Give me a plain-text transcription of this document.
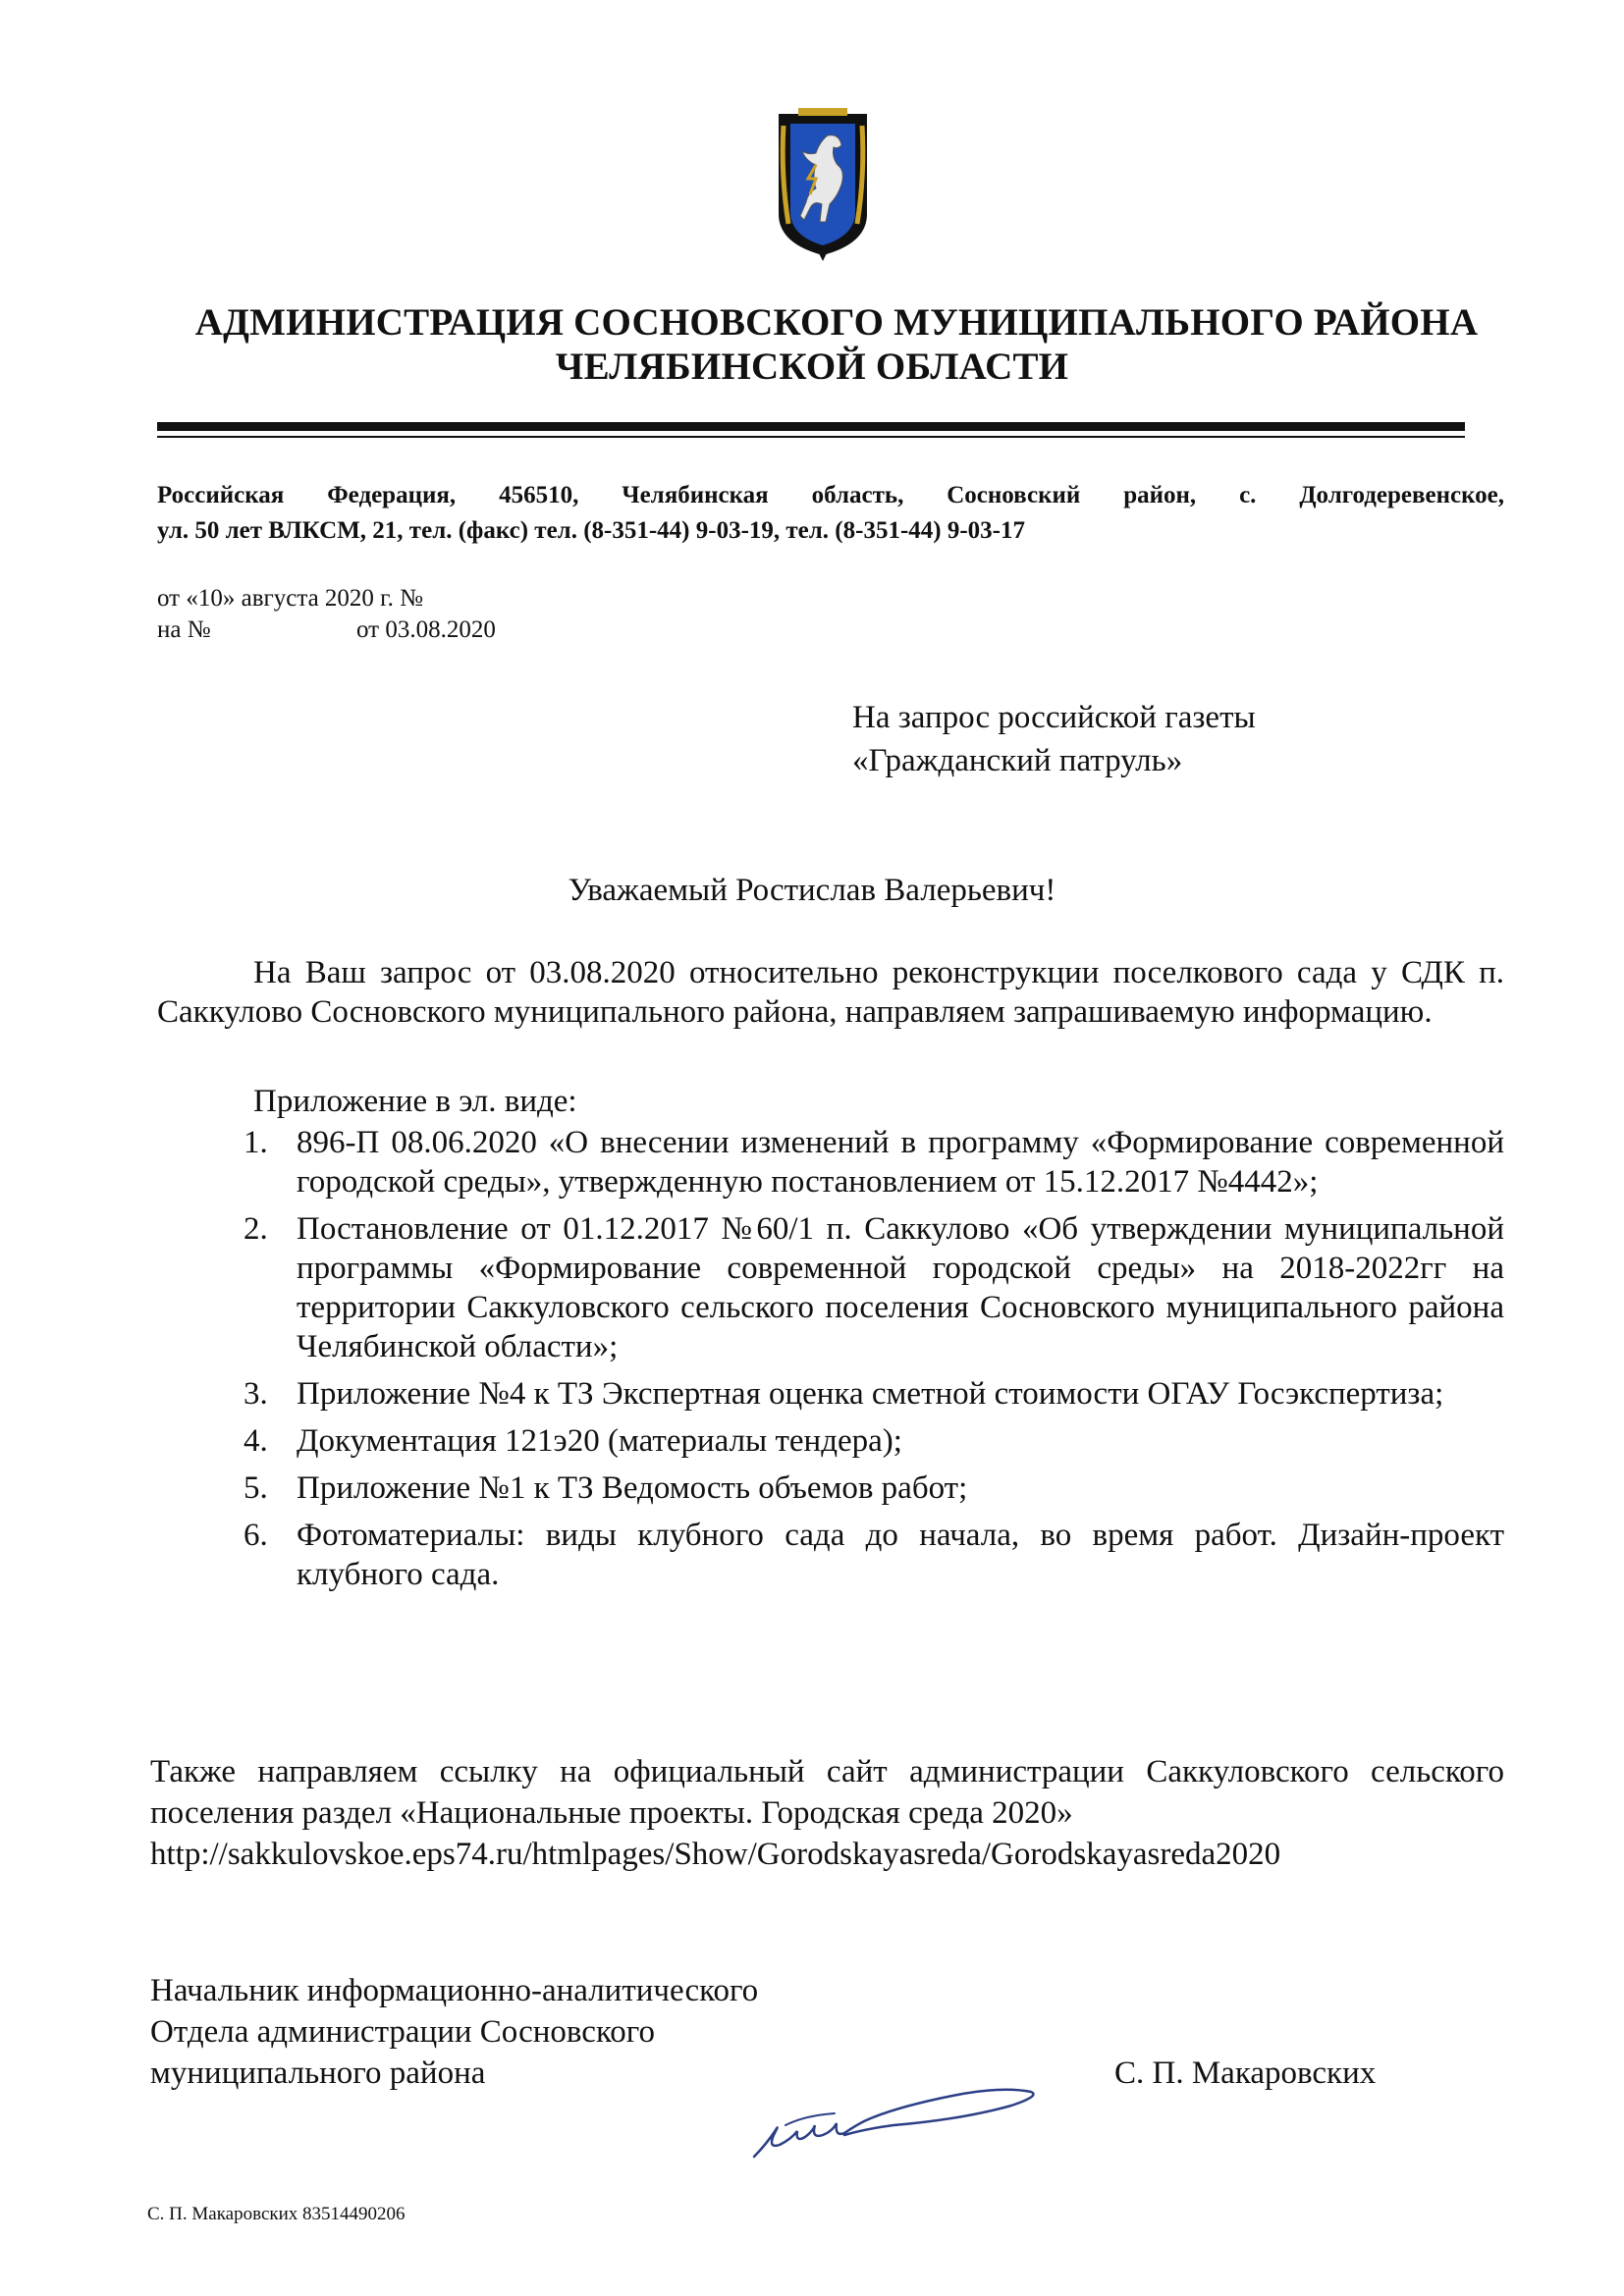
АДМИНИСТРАЦИЯ СОСНОВСКОГО МУНИЦИПАЛЬНОГО РАЙОНА
ЧЕЛЯБИНСКОЙ ОБЛАСТИ
Российская Федерация, 456510, Челябинская область, Сосновский район, с. Долгодеревенское,
ул. 50 лет ВЛКСМ, 21, тел. (факс) тел. (8-351-44) 9-03-19, тел. (8-351-44) 9-03-17
от «10» августа 2020 г. №
на №	от 03.08.2020
На запрос российской газеты
«Гражданский патруль»
Уважаемый Ростислав Валерьевич!
На Ваш запрос от 03.08.2020 относительно реконструкции поселкового сада у СДК п. Саккулово Сосновского муниципального района, направляем запрашиваемую информацию.
Приложение в эл. виде:
1. 896-П 08.06.2020 «О внесении изменений в программу «Формирование современной городской среды», утвержденную постановлением от 15.12.2017 №4442»;
2. Постановление от 01.12.2017 №60/1 п. Саккулово «Об утверждении муниципальной программы «Формирование современной городской среды» на 2018-2022гг на территории Саккуловского сельского поселения Сосновского муниципального района Челябинской области»;
3. Приложение №4 к ТЗ Экспертная оценка сметной стоимости ОГАУ Госэкспертиза;
4. Документация 121э20 (материалы тендера);
5. Приложение №1 к ТЗ Ведомость объемов работ;
6. Фотоматериалы: виды клубного сада до начала, во время работ. Дизайн-проект клубного сада.
Также направляем ссылку на официальный сайт администрации Саккуловского сельского поселения раздел «Национальные проекты. Городская среда 2020»
http://sakkulovskoe.eps74.ru/htmlpages/Show/Gorodskayasreda/Gorodskayasreda2020
Начальник информационно-аналитического
Отдела администрации Сосновского
муниципального района	С. П. Макаровских
С. П. Макаровских 83514490206
